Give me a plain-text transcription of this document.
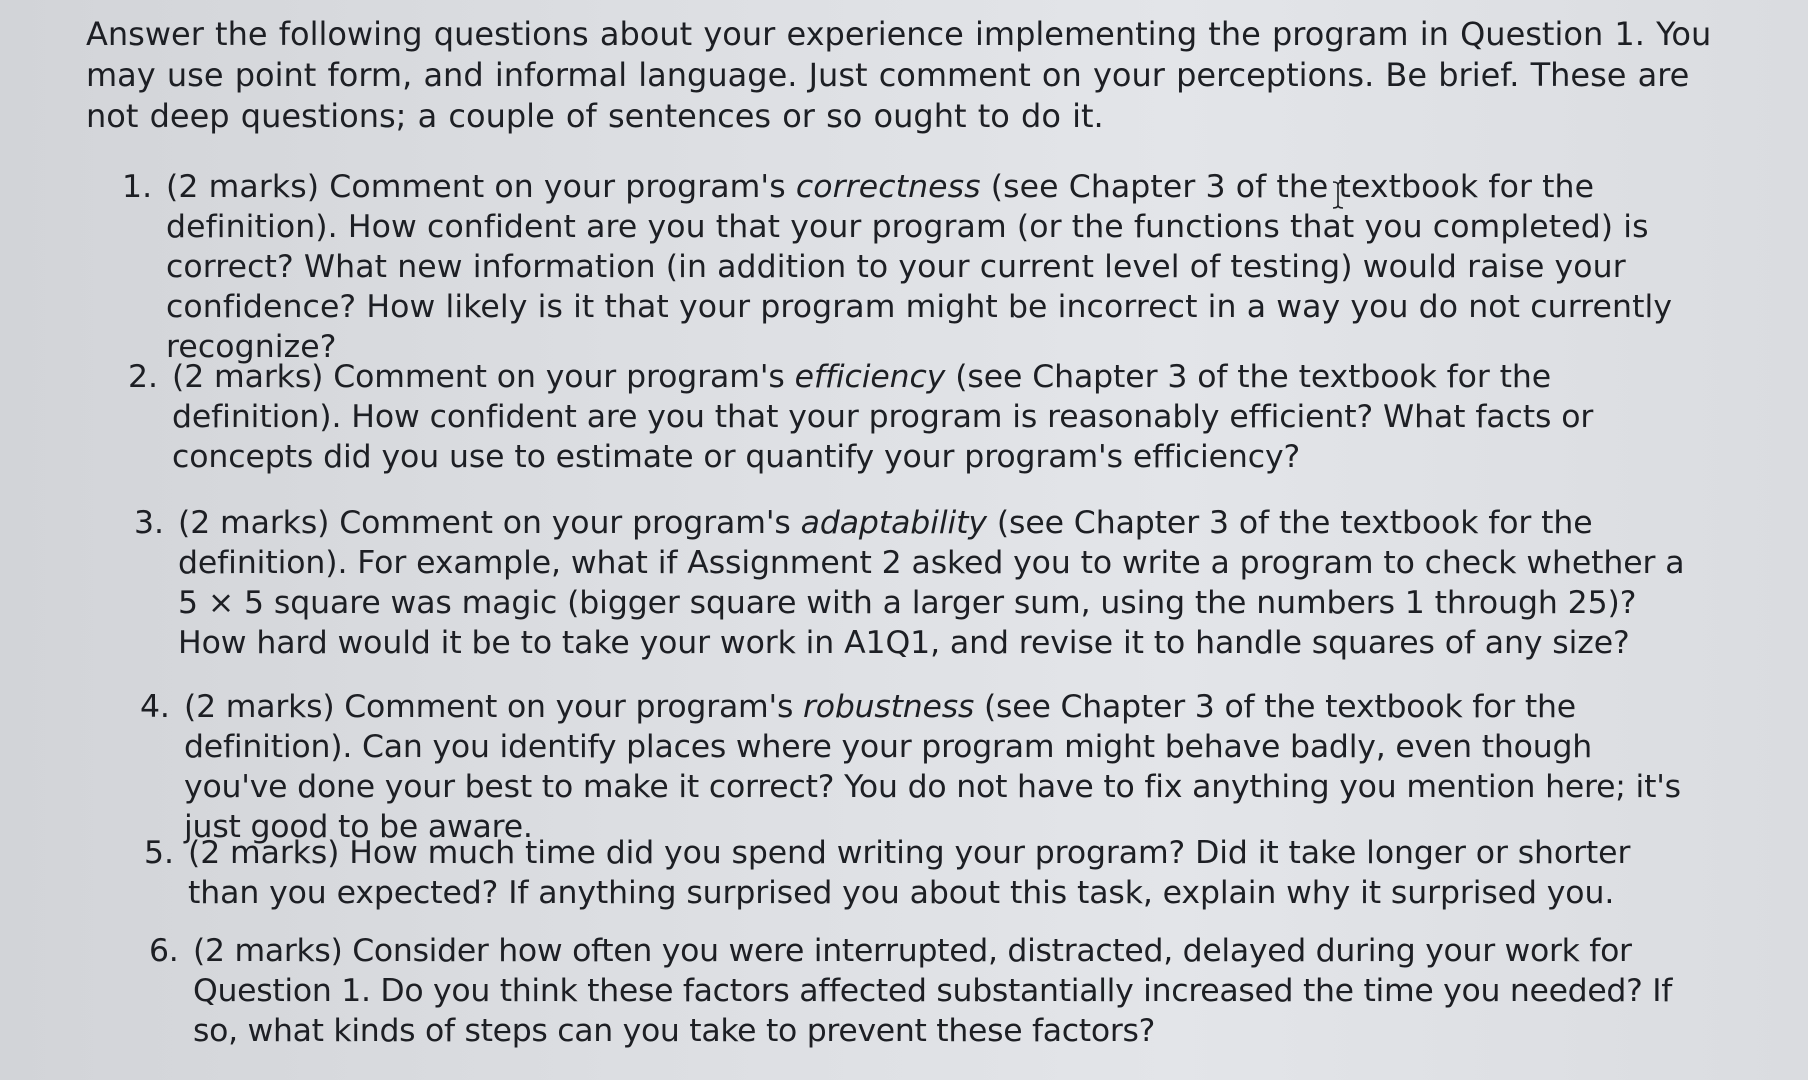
Answer the following questions about your experience implementing the program in Question 1. You may use point form, and informal language. Just comment on your perceptions. Be brief. These are not deep questions; a couple of sentences or so ought to do it.

1. (2 marks) Comment on your program's correctness (see Chapter 3 of the textbook for the definition). How confident are you that your program (or the functions that you completed) is correct? What new information (in addition to your current level of testing) would raise your confidence? How likely is it that your program might be incorrect in a way you do not currently recognize?
2. (2 marks) Comment on your program's efficiency (see Chapter 3 of the textbook for the definition). How confident are you that your program is reasonably efficient? What facts or concepts did you use to estimate or quantify your program's efficiency?
3. (2 marks) Comment on your program's adaptability (see Chapter 3 of the textbook for the definition). For example, what if Assignment 2 asked you to write a program to check whether a 5 × 5 square was magic (bigger square with a larger sum, using the numbers 1 through 25)? How hard would it be to take your work in A1Q1, and revise it to handle squares of any size?
4. (2 marks) Comment on your program's robustness (see Chapter 3 of the textbook for the definition). Can you identify places where your program might behave badly, even though you've done your best to make it correct? You do not have to fix anything you mention here; it's just good to be aware.
5. (2 marks) How much time did you spend writing your program? Did it take longer or shorter than you expected? If anything surprised you about this task, explain why it surprised you.
6. (2 marks) Consider how often you were interrupted, distracted, delayed during your work for Question 1. Do you think these factors affected substantially increased the time you needed? If so, what kinds of steps can you take to prevent these factors?
